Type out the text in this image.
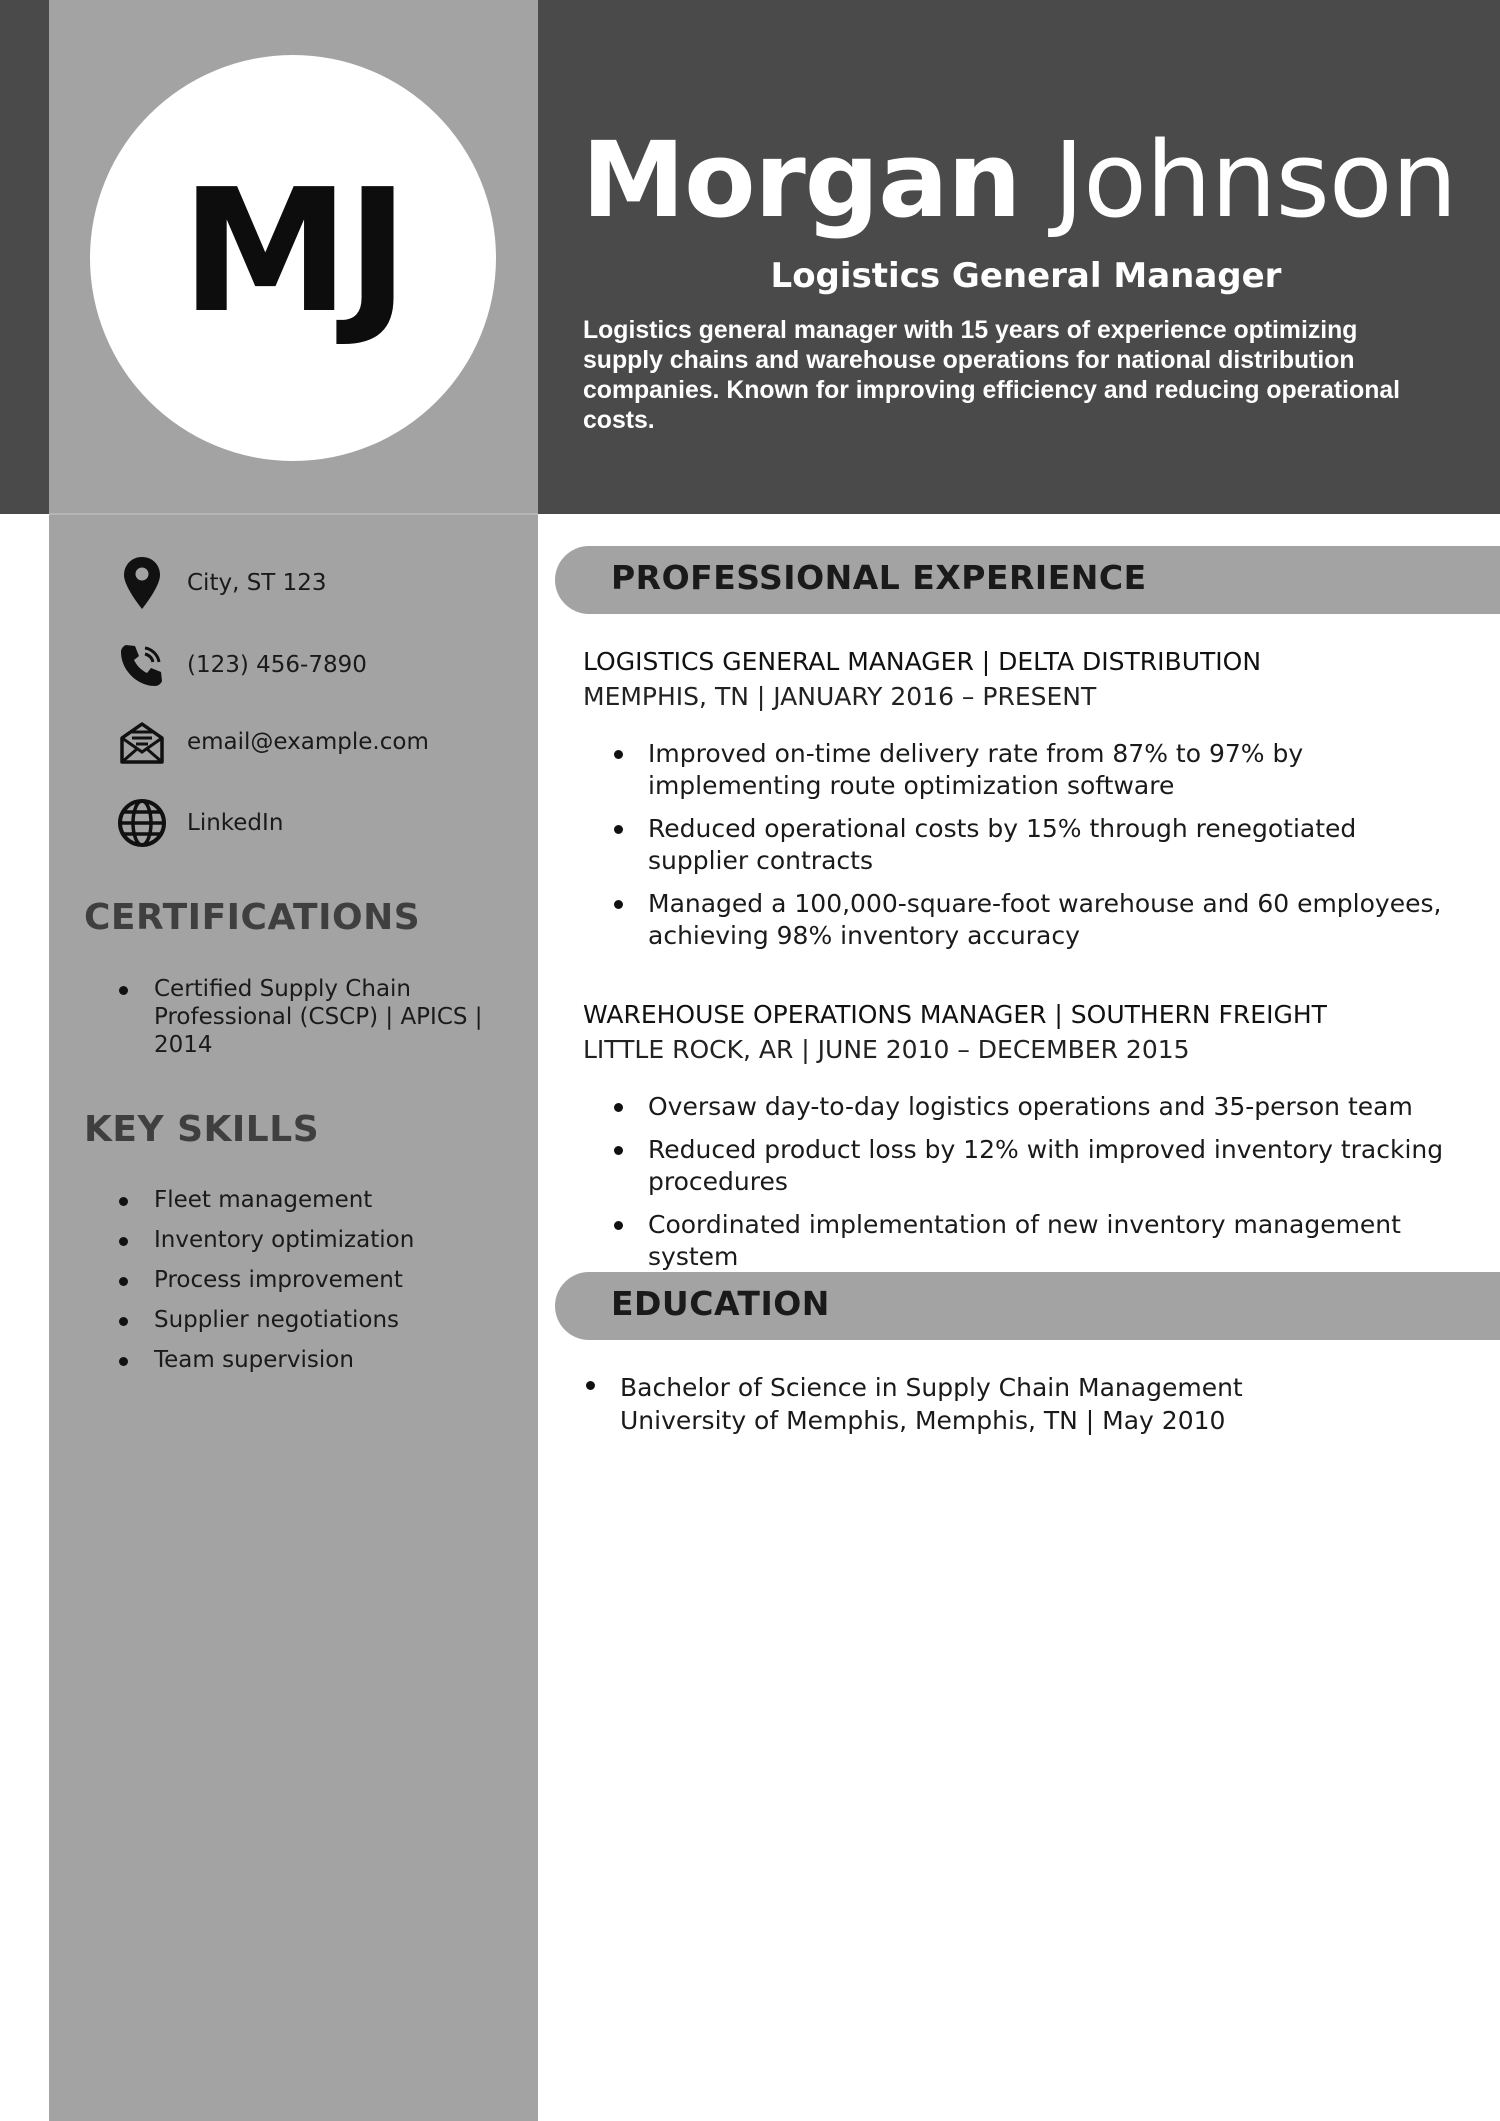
MJ	Morgan Johnson
Logistics General Manager
Logistics general manager with 15 years of experience optimizing supply chains and warehouse operations for national distribution companies. Known for improving efficiency and reducing operational costs.
City, ST 123
(123) 456-7890
email@example.com
LinkedIn
CERTIFICATIONS
Certified Supply Chain Professional (CSCP) | APICS | 2014
KEY SKILLS
Fleet management
Inventory optimization
Process improvement
Supplier negotiations
Team supervision
PROFESSIONAL EXPERIENCE
LOGISTICS GENERAL MANAGER | DELTA DISTRIBUTION
MEMPHIS, TN | JANUARY 2016 – PRESENT
Improved on-time delivery rate from 87% to 97% by implementing route optimization software
Reduced operational costs by 15% through renegotiated supplier contracts
Managed a 100,000-square-foot warehouse and 60 employees, achieving 98% inventory accuracy
WAREHOUSE OPERATIONS MANAGER | SOUTHERN FREIGHT
LITTLE ROCK, AR | JUNE 2010 – DECEMBER 2015
Oversaw day-to-day logistics operations and 35-person team
Reduced product loss by 12% with improved inventory tracking procedures
Coordinated implementation of new inventory management system
EDUCATION
Bachelor of Science in Supply Chain Management
University of Memphis, Memphis, TN | May 2010
